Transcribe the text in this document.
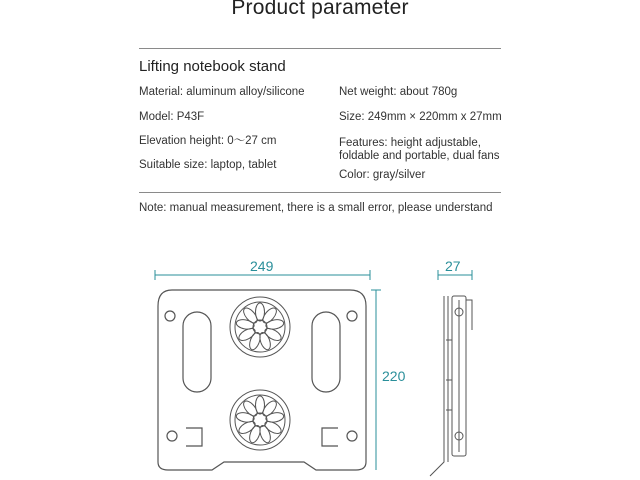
Product parameter
Lifting notebook stand
Material: aluminum alloy/silicone
Model: P43F
Elevation height: 0〜27 cm
Suitable size: laptop, tablet
Net weight: about 780g
Size: 249mm × 220mm x 27mm
Features: height adjustable,
foldable and portable, dual fans
Color: gray/silver
Note: manual measurement, there is a small error, please understand
249	27
220
